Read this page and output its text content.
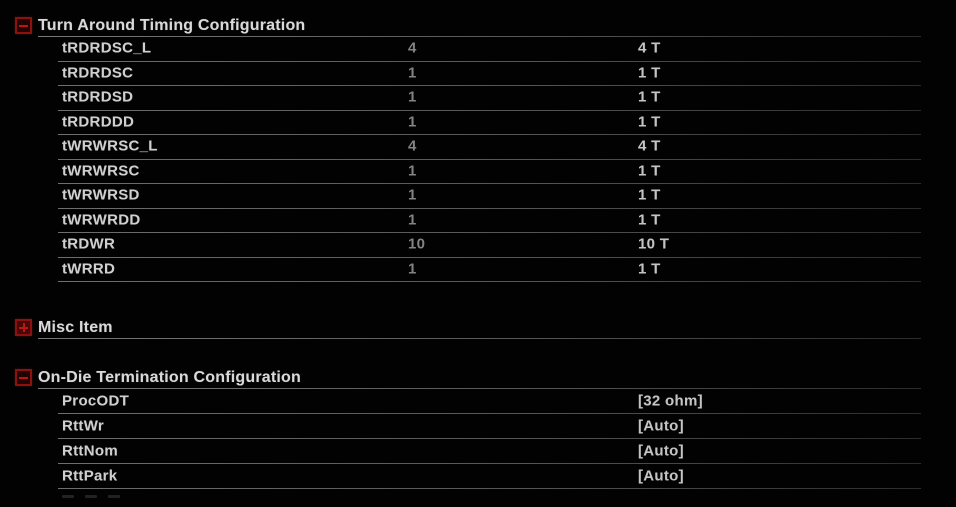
Turn Around Timing Configuration
tRDRDSC_L	4	4 T
tRDRDSC	1	1 T
tRDRDSD	1	1 T
tRDRDDD	1	1 T
tWRWRSC_L	4	4 T
tWRWRSC	1	1 T
tWRWRSD	1	1 T
tWRWRDD	1	1 T
tRDWR	10	10 T
tWRRD	1	1 T
Misc Item
On-Die Termination Configuration
ProcODT	[32 ohm]
RttWr	[Auto]
RttNom	[Auto]
RttPark	[Auto]
